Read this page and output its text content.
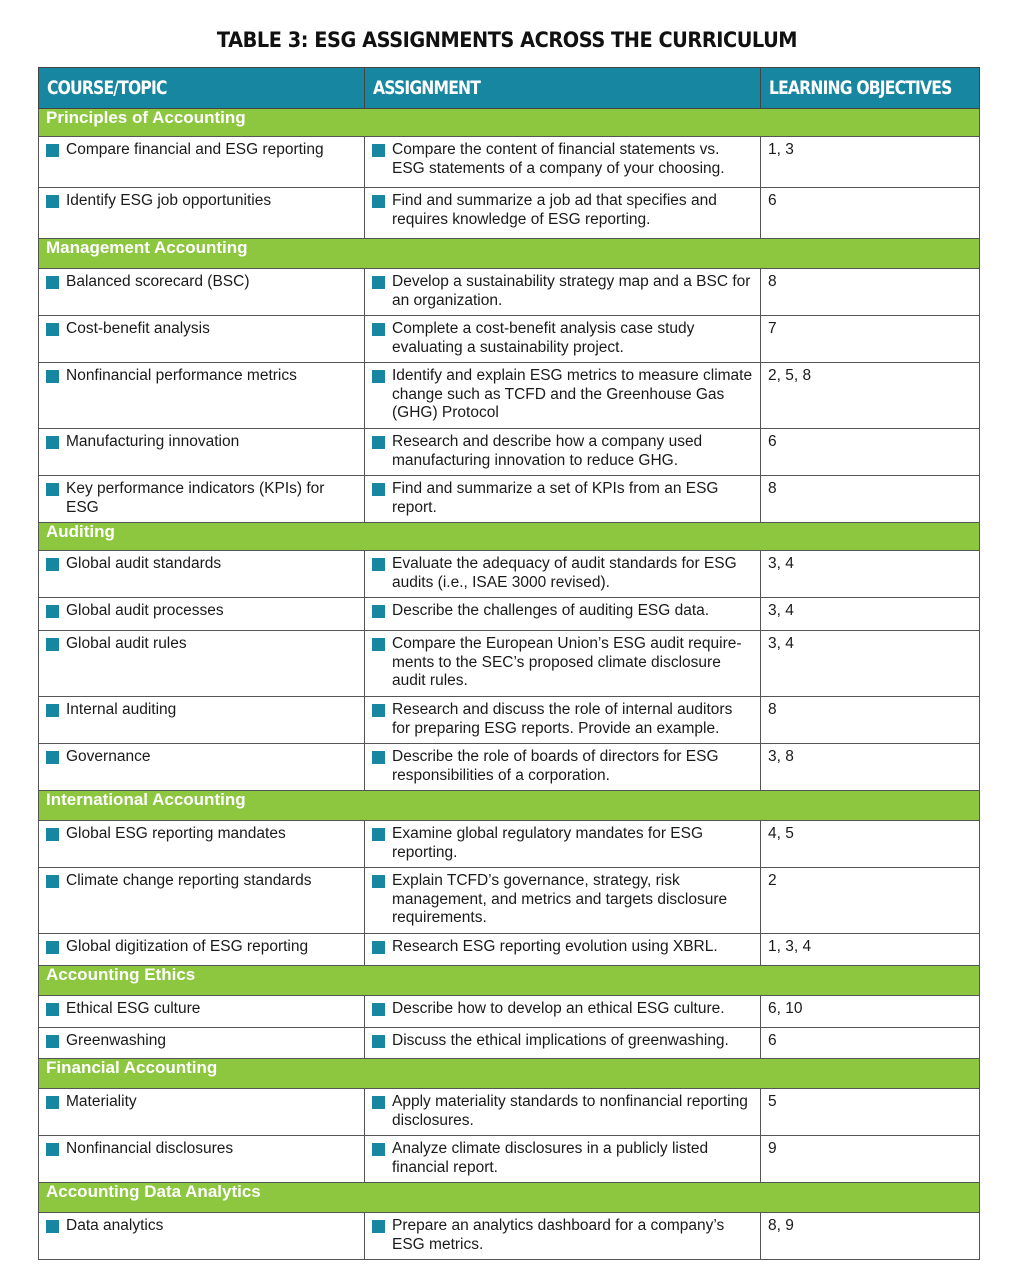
TABLE 3: ESG ASSIGNMENTS ACROSS THE CURRICULUM
COURSE/TOPIC	ASSIGNMENT	LEARNING OBJECTIVES
Principles of Accounting		

Compare financial and ESG reporting	Compare the content of financial statements vs. ESG statements of a company of your choosing.	1, 3

Identify ESG job opportunities	Find and summarize a job ad that specifies and requires knowledge of ESG reporting.	6
Management Accounting		

Balanced scorecard (BSC)	Develop a sustainability strategy map and a BSC for an organization.	8

Cost-benefit analysis	Complete a cost-benefit analysis case study evaluating a sustainability project.	7

Nonfinancial performance metrics	Identify and explain ESG metrics to measure climate change such as TCFD and the Greenhouse Gas (GHG) Protocol	2, 5, 8

Manufacturing innovation	Research and describe how a company used manufacturing innovation to reduce GHG.	6

Key performance indicators (KPIs) for ESG	Find and summarize a set of KPIs from an ESG report.	8
Auditing		

Global audit standards	Evaluate the adequacy of audit standards for ESG audits (i.e., ISAE 3000 revised).	3, 4

Global audit processes	Describe the challenges of auditing ESG data.	3, 4

Global audit rules	Compare the European Union’s ESG audit require-ments to the SEC’s proposed climate disclosure audit rules.	3, 4

Internal auditing	Research and discuss the role of internal auditors for preparing ESG reports. Provide an example.	8

Governance	Describe the role of boards of directors for ESG responsibilities of a corporation.	3, 8
International Accounting		

Global ESG reporting mandates	Examine global regulatory mandates for ESG reporting.	4, 5

Climate change reporting standards	Explain TCFD’s governance, strategy, risk management, and metrics and targets disclosure requirements.	2

Global digitization of ESG reporting	Research ESG reporting evolution using XBRL.	1, 3, 4
Accounting Ethics		

Ethical ESG culture	Describe how to develop an ethical ESG culture.	6, 10

Greenwashing	Discuss the ethical implications of greenwashing.	6
Financial Accounting		

Materiality	Apply materiality standards to nonfinancial reporting disclosures.	5

Nonfinancial disclosures	Analyze climate disclosures in a publicly listed financial report.	9
Accounting Data Analytics		

Data analytics	Prepare an analytics dashboard for a company’s ESG metrics.	8, 9
